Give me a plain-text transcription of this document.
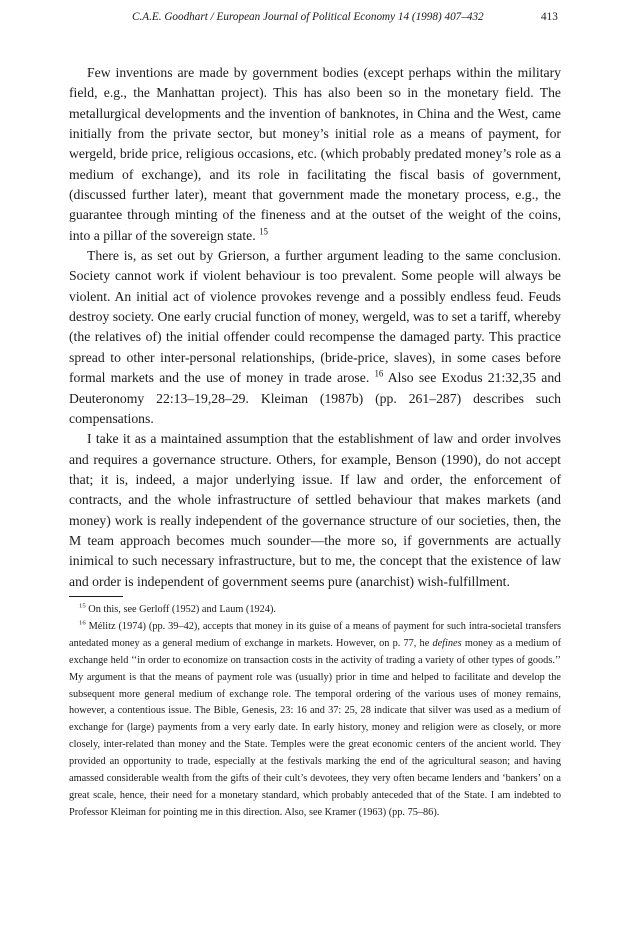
C.A.E. Goodhart / European Journal of Political Economy 14 (1998) 407–432	413

Few inventions are made by government bodies (except perhaps within the military field, e.g., the Manhattan project). This has also been so in the monetary field. The metallurgical developments and the invention of banknotes, in China and the West, came initially from the private sector, but money’s initial role as a means of payment, for wergeld, bride price, religious occasions, etc. (which probably predated money’s role as a medium of exchange), and its role in facilitating the fiscal basis of government, (discussed further later), meant that government made the monetary process, e.g., the guarantee through minting of the fineness and at the outset of the weight of the coins, into a pillar of the sovereign state. $^{15}$

There is, as set out by Grierson, a further argument leading to the same conclusion. Society cannot work if violent behaviour is too prevalent. Some people will always be violent. An initial act of violence provokes revenge and a possibly endless feud. Feuds destroy society. One early crucial function of money, wergeld, was to set a tariff, whereby (the relatives of) the initial offender could recompense the damaged party. This practice spread to other inter-personal relationships, (bride-price, slaves), in some cases before formal markets and the use of money in trade arose. $^{16}$ Also see Exodus 21:32,35 and Deuteronomy 22:13–19,28–29. Kleiman (1987b) (pp. 261–287) describes such compensations.

I take it as a maintained assumption that the establishment of law and order involves and requires a governance structure. Others, for example, Benson (1990), do not accept that; it is, indeed, a major underlying issue. If law and order, the enforcement of contracts, and the whole infrastructure of settled behaviour that makes markets (and money) work is really independent of the governance structure of our societies, then, the M team approach becomes much sounder—the more so, if governments are actually inimical to such necessary infrastructure, but to me, the concept that the existence of law and order is independent of government seems pure (anarchist) wish-fulfillment.

$^{15}$ On this, see Gerloff (1952) and Laum (1924).

$^{16}$ Mélitz (1974) (pp. 39–42), accepts that money in its guise of a means of payment for such intra-societal transfers antedated money as a general medium of exchange in markets. However, on p. 77, he defines money as a medium of exchange held ‘‘in order to economize on transaction costs in the activity of trading a variety of other types of goods.’’ My argument is that the means of payment role was (usually) prior in time and helped to facilitate and develop the subsequent more general medium of exchange role. The temporal ordering of the various uses of money remains, however, a contentious issue. The Bible, Genesis, 23: 16 and 37: 25, 28 indicate that silver was used as a medium of exchange for (large) payments from a very early date. In early history, money and religion were as closely, or more closely, inter-related than money and the State. Temples were the great economic centers of the ancient world. They provided an opportunity to trade, especially at the festivals marking the end of the agricultural season; and having amassed considerable wealth from the gifts of their cult’s devotees, they very often became lenders and ‘bankers’ on a great scale, hence, their need for a monetary standard, which probably anteceded that of the State. I am indebted to Professor Kleiman for pointing me in this direction. Also, see Kramer (1963) (pp. 75–86).
